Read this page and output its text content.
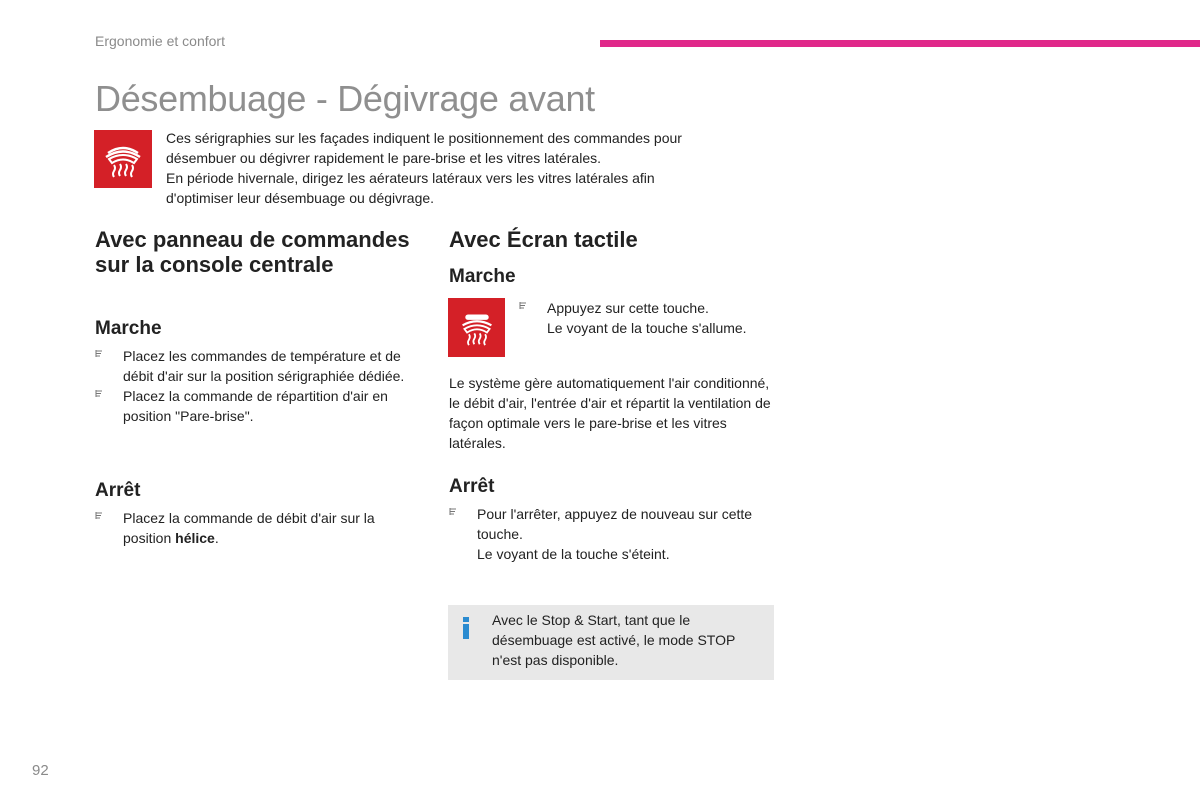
Ergonomie et confort
Désembuage - Dégivrage avant

Ces sérigraphies sur les façades indiquent le positionnement des commandes pour

désembuer ou dégivrer rapidement le pare-brise et les vitres latérales.

En période hivernale, dirigez les aérateurs latéraux vers les vitres latérales afin

d'optimiser leur désembuage ou dégivrage.

Avec panneau de commandes sur la console centrale
Marche
Placez les commandes de température et de débit d'air sur la position sérigraphiée dédiée.
Placez la commande de répartition d'air en position "Pare-brise".
Arrêt
Placez la commande de débit d'air sur la position hélice.
Avec Écran tactile
Marche
Appuyez sur cette touche.
Le voyant de la touche s'allume.

Le système gère automatiquement l'air conditionné, le débit d'air, l'entrée d'air et répartit la ventilation de façon optimale vers le pare-brise et les vitres latérales.

Arrêt
Pour l'arrêter, appuyez de nouveau sur cette touche.
Le voyant de la touche s'éteint.

Avec le Stop & Start, tant que le désembuage est activé, le mode STOP n'est pas disponible.

92
